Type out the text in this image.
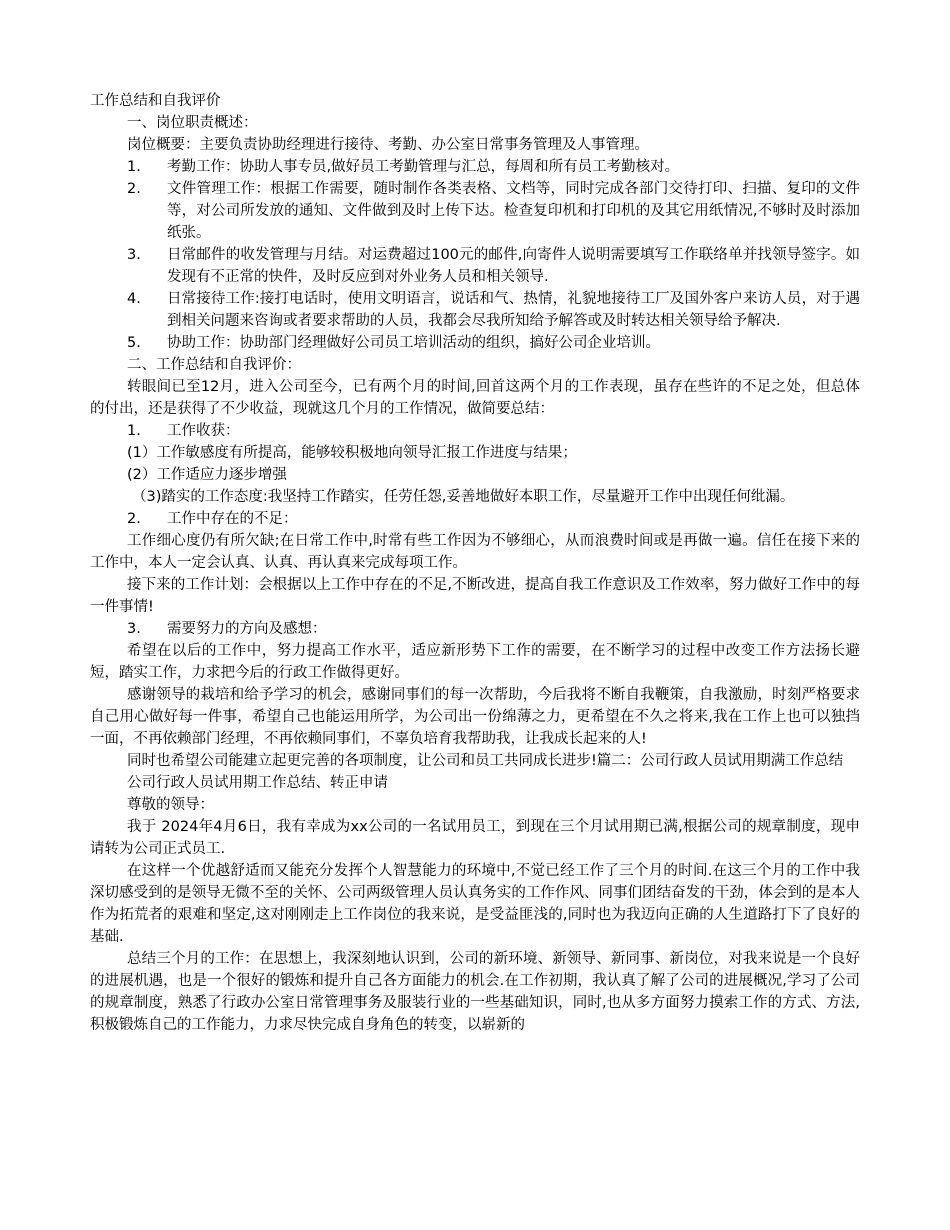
工作总结和自我评价
一、岗位职责概述：
岗位概要：主要负责协助经理进行接待、考勤、办公室日常事务管理及人事管理。
1.	考勤工作：协助人事专员,做好员工考勤管理与汇总，每周和所有员工考勤核对。
2.	文件管理工作：根据工作需要，随时制作各类表格、文档等，同时完成各部门交待打印、扫描、复印的文件等，对公司所发放的通知、文件做到及时上传下达。检查复印机和打印机的及其它用纸情况,不够时及时添加纸张。
3.	日常邮件的收发管理与月结。对运费超过100元的邮件,向寄件人说明需要填写工作联络单并找领导签字。如发现有不正常的快件，及时反应到对外业务人员和相关领导.
4.	日常接待工作:接打电话时，使用文明语言，说话和气、热情，礼貌地接待工厂及国外客户来访人员，对于遇到相关问题来咨询或者要求帮助的人员，我都会尽我所知给予解答或及时转达相关领导给予解决.
5.	协助工作：协助部门经理做好公司员工培训活动的组织，搞好公司企业培训。
二、工作总结和自我评价：
转眼间已至12月，进入公司至今，已有两个月的时间,回首这两个月的工作表现，虽存在些许的不足之处，但总体的付出，还是获得了不少收益，现就这几个月的工作情况，做简要总结：
1.	工作收获：
(1）工作敏感度有所提高，能够较积极地向领导汇报工作进度与结果；
(2）工作适应力逐步增强
（3)踏实的工作态度:我坚持工作踏实，任劳任怨,妥善地做好本职工作，尽量避开工作中出现任何纰漏。
2.	工作中存在的不足：
工作细心度仍有所欠缺;在日常工作中,时常有些工作因为不够细心，从而浪费时间或是再做一遍。信任在接下来的工作中，本人一定会认真、认真、再认真来完成每项工作。
接下来的工作计划：会根据以上工作中存在的不足,不断改进，提高自我工作意识及工作效率，努力做好工作中的每一件事情!
3.	需要努力的方向及感想：
希望在以后的工作中，努力提高工作水平，适应新形势下工作的需要，在不断学习的过程中改变工作方法扬长避短，踏实工作，力求把今后的行政工作做得更好。
感谢领导的栽培和给予学习的机会，感谢同事们的每一次帮助，今后我将不断自我鞭策，自我激励，时刻严格要求自己用心做好每一件事，希望自己也能运用所学，为公司出一份绵薄之力，更希望在不久之将来,我在工作上也可以独挡一面，不再依赖部门经理，不再依赖同事们，不辜负培育我帮助我，让我成长起来的人!
同时也希望公司能建立起更完善的各项制度，让公司和员工共同成长进步!篇二：公司行政人员试用期满工作总结
公司行政人员试用期工作总结、转正申请
尊敬的领导：
我于 2024年4月6日，我有幸成为xx公司的一名试用员工，到现在三个月试用期已满,根据公司的规章制度，现申请转为公司正式员工.
在这样一个优越舒适而又能充分发挥个人智慧能力的环境中,不觉已经工作了三个月的时间.在这三个月的工作中我深切感受到的是领导无微不至的关怀、公司两级管理人员认真务实的工作作风、同事们团结奋发的干劲，体会到的是本人作为拓荒者的艰难和坚定,这对刚刚走上工作岗位的我来说，是受益匪浅的,同时也为我迈向正确的人生道路打下了良好的基础.
总结三个月的工作：在思想上，我深刻地认识到，公司的新环境、新领导、新同事、新岗位，对我来说是一个良好的进展机遇，也是一个很好的锻炼和提升自己各方面能力的机会.在工作初期，我认真了解了公司的进展概况,学习了公司的规章制度，熟悉了行政办公室日常管理事务及服装行业的一些基础知识，同时,也从多方面努力摸索工作的方式、方法,积极锻炼自己的工作能力，力求尽快完成自身角色的转变，以崭新的
